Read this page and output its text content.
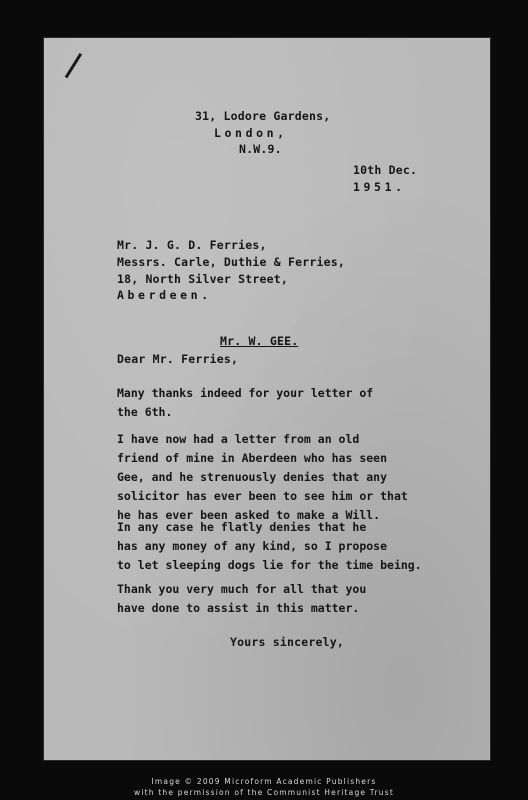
31, Lodore Gardens,
London,
N.W.9.
10th Dec.
1951.
Mr. J. G. D. Ferries,
Messrs. Carle, Duthie & Ferries,
18, North Silver Street,
Aberdeen.
Mr. W. GEE.
Dear Mr. Ferries,
Many thanks indeed for your letter of
the 6th.
I have now had a letter from an old
friend of mine in Aberdeen who has seen
Gee, and he strenuously denies that any
solicitor has ever been to see him or that
he has ever been asked to make a Will.
In any case he flatly denies that he
has any money of any kind, so I propose
to let sleeping dogs lie for the time being.
Thank you very much for all that you
have done to assist in this matter.
Yours sincerely,
Image © 2009 Microform Academic Publishers
with the permission of the Communist Heritage Trust
